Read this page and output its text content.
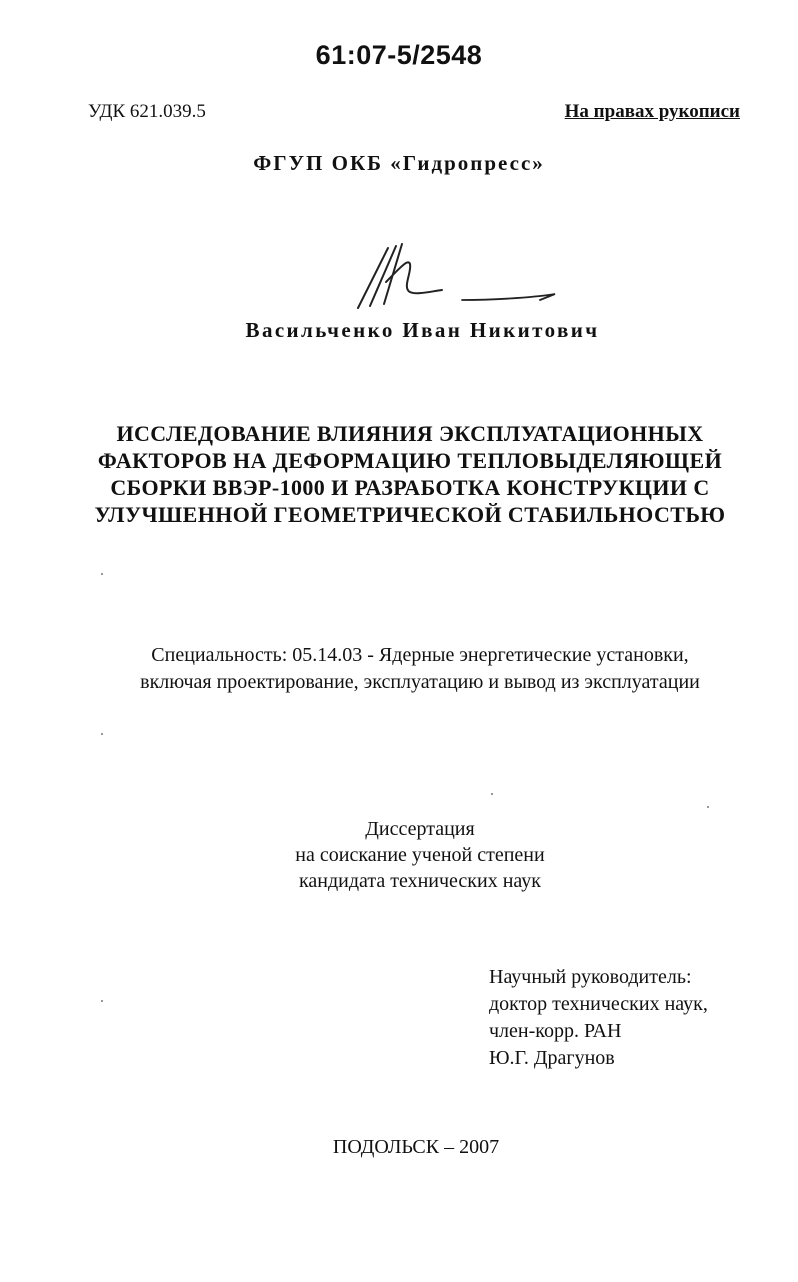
61:07-5/2548
УДК 621.039.5	На правах рукописи
ФГУП ОКБ «Гидропресс»
Васильченко Иван Никитович
ИССЛЕДОВАНИЕ ВЛИЯНИЯ ЭКСПЛУАТАЦИОННЫХ
ФАКТОРОВ НА ДЕФОРМАЦИЮ ТЕПЛОВЫДЕЛЯЮЩЕЙ
СБОРКИ ВВЭР-1000 И РАЗРАБОТКА КОНСТРУКЦИИ С
УЛУЧШЕННОЙ ГЕОМЕТРИЧЕСКОЙ СТАБИЛЬНОСТЬЮ
Специальность: 05.14.03 - Ядерные энергетические установки,
включая проектирование, эксплуатацию и вывод из эксплуатации
Диссертация
на соискание ученой степени
кандидата технических наук
Научный руководитель:
доктор технических наук,
член-корр. РАН
Ю.Г. Драгунов
ПОДОЛЬСК – 2007
